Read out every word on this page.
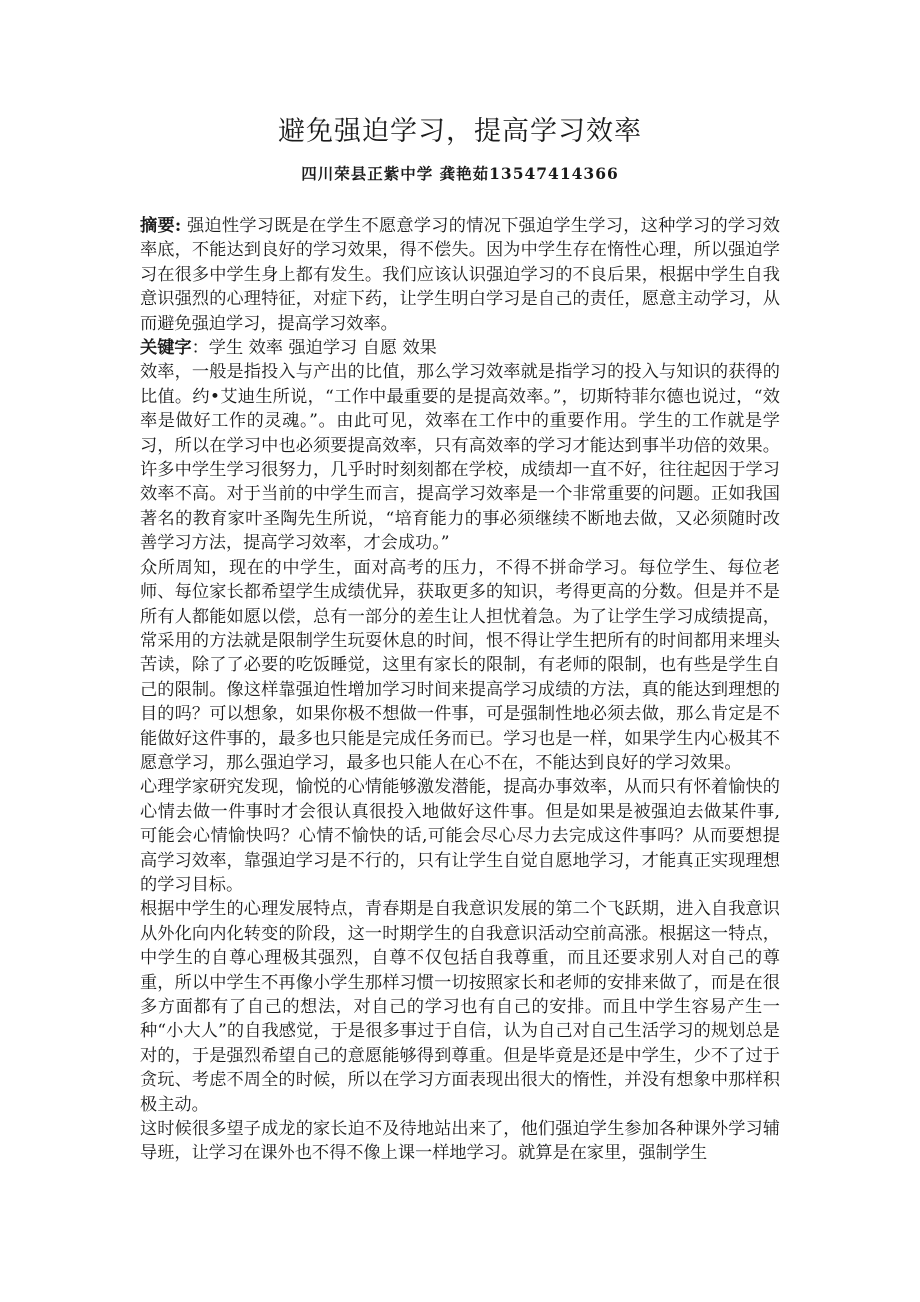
避免强迫学习，提高学习效率
四川荣县正紫中学 龚艳茹13547414366

摘要: 强迫性学习既是在学生不愿意学习的情况下强迫学生学习，这种学习的学习效率底，不能达到良好的学习效果，得不偿失。因为中学生存在惰性心理，所以强迫学习在很多中学生身上都有发生。我们应该认识强迫学习的不良后果，根据中学生自我意识强烈的心理特征，对症下药，让学生明白学习是自己的责任，愿意主动学习，从而避免强迫学习，提高学习效率。

关键字：学生 效率 强迫学习 自愿 效果

效率，一般是指投入与产出的比值，那么学习效率就是指学习的投入与知识的获得的比值。约•艾迪生所说，“工作中最重要的是提高效率。”，切斯特菲尔德也说过，“效率是做好工作的灵魂。”。由此可见，效率在工作中的重要作用。学生的工作就是学习，所以在学习中也必须要提高效率，只有高效率的学习才能达到事半功倍的效果。许多中学生学习很努力，几乎时时刻刻都在学校，成绩却一直不好，往往起因于学习效率不高。对于当前的中学生而言，提高学习效率是一个非常重要的问题。正如我国著名的教育家叶圣陶先生所说，“培育能力的事必须继续不断地去做，又必须随时改善学习方法，提高学习效率，才会成功。”

众所周知，现在的中学生，面对高考的压力，不得不拼命学习。每位学生、每位老师、每位家长都希望学生成绩优异，获取更多的知识，考得更高的分数。但是并不是所有人都能如愿以偿，总有一部分的差生让人担忧着急。为了让学生学习成绩提高，常采用的方法就是限制学生玩耍休息的时间，恨不得让学生把所有的时间都用来埋头苦读，除了了必要的吃饭睡觉，这里有家长的限制，有老师的限制，也有些是学生自己的限制。像这样靠强迫性增加学习时间来提高学习成绩的方法，真的能达到理想的目的吗？可以想象，如果你极不想做一件事，可是强制性地必须去做，那么肯定是不能做好这件事的，最多也只能是完成任务而已。学习也是一样，如果学生内心极其不愿意学习，那么强迫学习，最多也只能人在心不在，不能达到良好的学习效果。

心理学家研究发现，愉悦的心情能够激发潜能，提高办事效率，从而只有怀着愉快的心情去做一件事时才会很认真很投入地做好这件事。但是如果是被强迫去做某件事,可能会心情愉快吗？心情不愉快的话,可能会尽心尽力去完成这件事吗？从而要想提高学习效率，靠强迫学习是不行的，只有让学生自觉自愿地学习，才能真正实现理想的学习目标。

根据中学生的心理发展特点，青春期是自我意识发展的第二个飞跃期，进入自我意识从外化向内化转变的阶段，这一时期学生的自我意识活动空前高涨。根据这一特点，中学生的自尊心理极其强烈，自尊不仅包括自我尊重，而且还要求别人对自己的尊重，所以中学生不再像小学生那样习惯一切按照家长和老师的安排来做了，而是在很多方面都有了自己的想法，对自己的学习也有自己的安排。而且中学生容易产生一种“小大人”的自我感觉，于是很多事过于自信，认为自己对自己生活学习的规划总是对的，于是强烈希望自己的意愿能够得到尊重。但是毕竟是还是中学生，少不了过于贪玩、考虑不周全的时候，所以在学习方面表现出很大的惰性，并没有想象中那样积极主动。

这时候很多望子成龙的家长迫不及待地站出来了，他们强迫学生参加各种课外学习辅导班，让学习在课外也不得不像上课一样地学习。就算是在家里，强制学生
